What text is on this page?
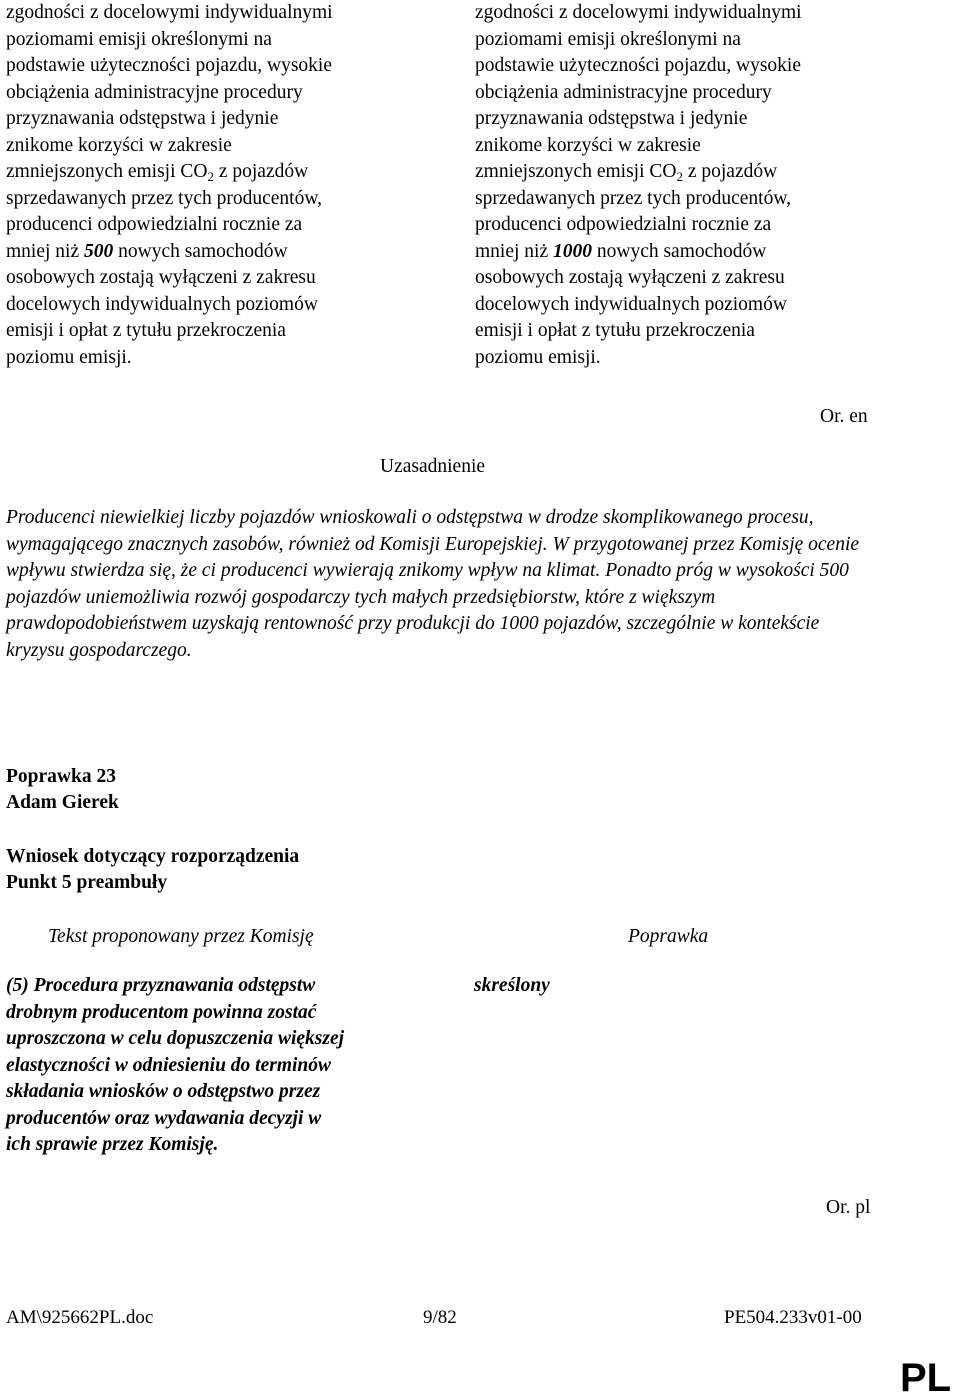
zgodności z docelowymi indywidualnymi
poziomami emisji określonymi na
podstawie użyteczności pojazdu, wysokie
obciążenia administracyjne procedury
przyznawania odstępstwa i jedynie
znikome korzyści w zakresie
zmniejszonych emisji $CO_2$ z pojazdów
sprzedawanych przez tych producentów,
producenci odpowiedzialni rocznie za
mniej niż 500 nowych samochodów
osobowych zostają wyłączeni z zakresu
docelowych indywidualnych poziomów
emisji i opłat z tytułu przekroczenia
poziomu emisji.
zgodności z docelowymi indywidualnymi
poziomami emisji określonymi na
podstawie użyteczności pojazdu, wysokie
obciążenia administracyjne procedury
przyznawania odstępstwa i jedynie
znikome korzyści w zakresie
zmniejszonych emisji $CO_2$ z pojazdów
sprzedawanych przez tych producentów,
producenci odpowiedzialni rocznie za
mniej niż 1000 nowych samochodów
osobowych zostają wyłączeni z zakresu
docelowych indywidualnych poziomów
emisji i opłat z tytułu przekroczenia
poziomu emisji.
Or. en
Uzasadnienie
Producenci niewielkiej liczby pojazdów wnioskowali o odstępstwa w drodze skomplikowanego procesu, wymagającego znacznych zasobów, również od Komisji Europejskiej. W przygotowanej przez Komisję ocenie wpływu stwierdza się, że ci producenci wywierają znikomy wpływ na klimat. Ponadto próg w wysokości 500 pojazdów uniemożliwia rozwój gospodarczy tych małych przedsiębiorstw, które z większym prawdopodobieństwem uzyskają rentowność przy produkcji do 1000 pojazdów, szczególnie w kontekście kryzysu gospodarczego.
Poprawka 23
Adam Gierek
Wniosek dotyczący rozporządzenia
Punkt 5 preambuły
Tekst proponowany przez Komisję	Poprawka
(5) Procedura przyznawania odstępstw
drobnym producentom powinna zostać
uproszczona w celu dopuszczenia większej
elastyczności w odniesieniu do terminów
składania wniosków o odstępstwo przez
producentów oraz wydawania decyzji w
ich sprawie przez Komisję.
skreślony
Or. pl
AM\925662PL.doc	9/82	PE504.233v01-00
PL
